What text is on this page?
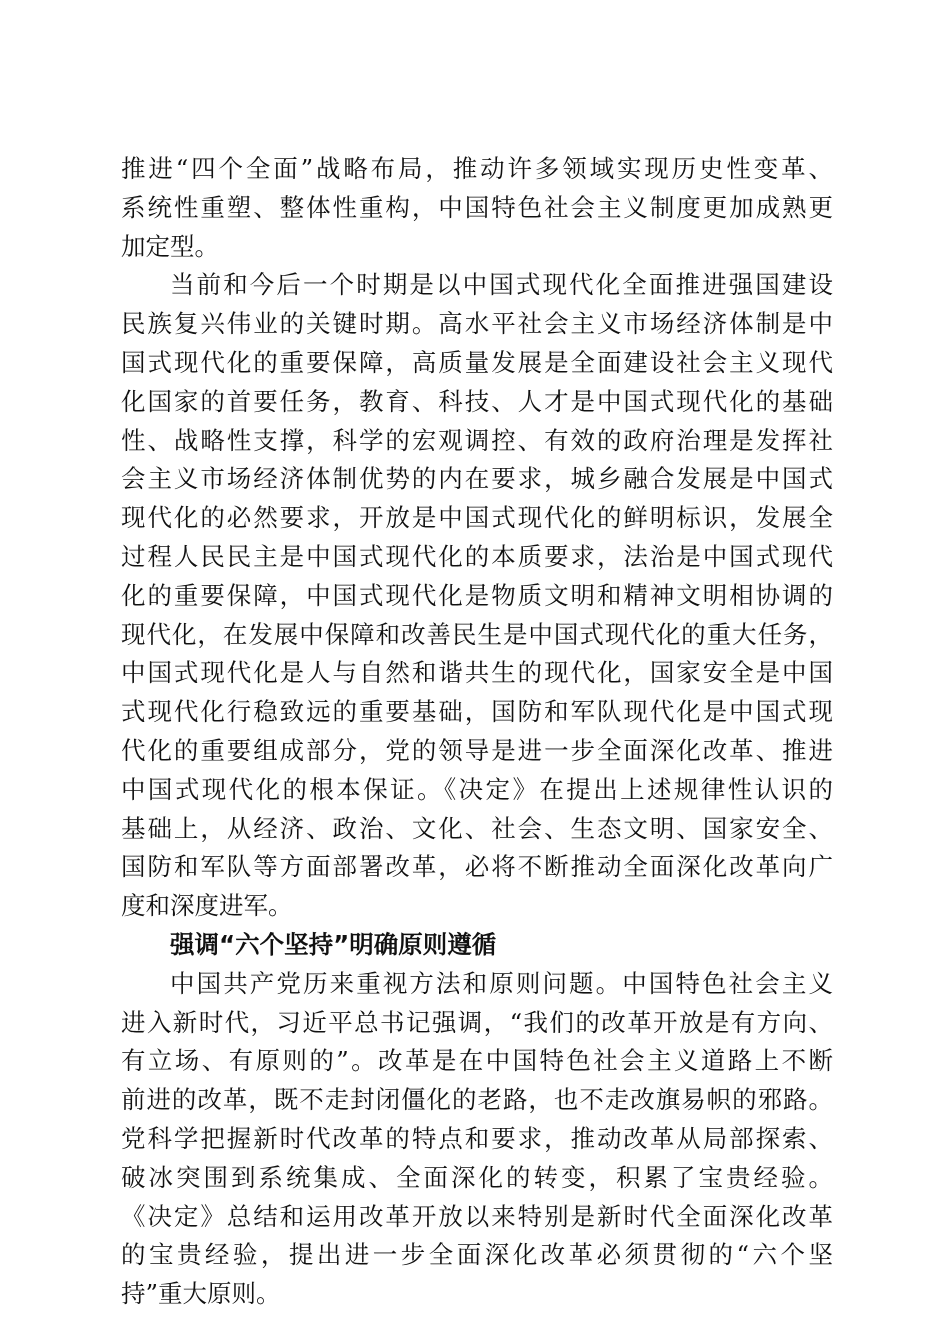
推进“四个全面”战略布局，推动许多领域实现历史性变革、
系统性重塑、整体性重构，中国特色社会主义制度更加成熟更
加定型。
当前和今后一个时期是以中国式现代化全面推进强国建设
民族复兴伟业的关键时期。高水平社会主义市场经济体制是中
国式现代化的重要保障，高质量发展是全面建设社会主义现代
化国家的首要任务，教育、科技、人才是中国式现代化的基础
性、战略性支撑，科学的宏观调控、有效的政府治理是发挥社
会主义市场经济体制优势的内在要求，城乡融合发展是中国式
现代化的必然要求，开放是中国式现代化的鲜明标识，发展全
过程人民民主是中国式现代化的本质要求，法治是中国式现代
化的重要保障，中国式现代化是物质文明和精神文明相协调的
现代化，在发展中保障和改善民生是中国式现代化的重大任务，
中国式现代化是人与自然和谐共生的现代化，国家安全是中国
式现代化行稳致远的重要基础，国防和军队现代化是中国式现
代化的重要组成部分，党的领导是进一步全面深化改革、推进
中国式现代化的根本保证。《决定》在提出上述规律性认识的
基础上，从经济、政治、文化、社会、生态文明、国家安全、
国防和军队等方面部署改革，必将不断推动全面深化改革向广
度和深度进军。
强调“六个坚持”明确原则遵循
中国共产党历来重视方法和原则问题。中国特色社会主义
进入新时代，习近平总书记强调，“我们的改革开放是有方向、
有立场、有原则的”。改革是在中国特色社会主义道路上不断
前进的改革，既不走封闭僵化的老路，也不走改旗易帜的邪路。
党科学把握新时代改革的特点和要求，推动改革从局部探索、
破冰突围到系统集成、全面深化的转变，积累了宝贵经验。
《决定》总结和运用改革开放以来特别是新时代全面深化改革
的宝贵经验，提出进一步全面深化改革必须贯彻的“六个坚
持”重大原则。
